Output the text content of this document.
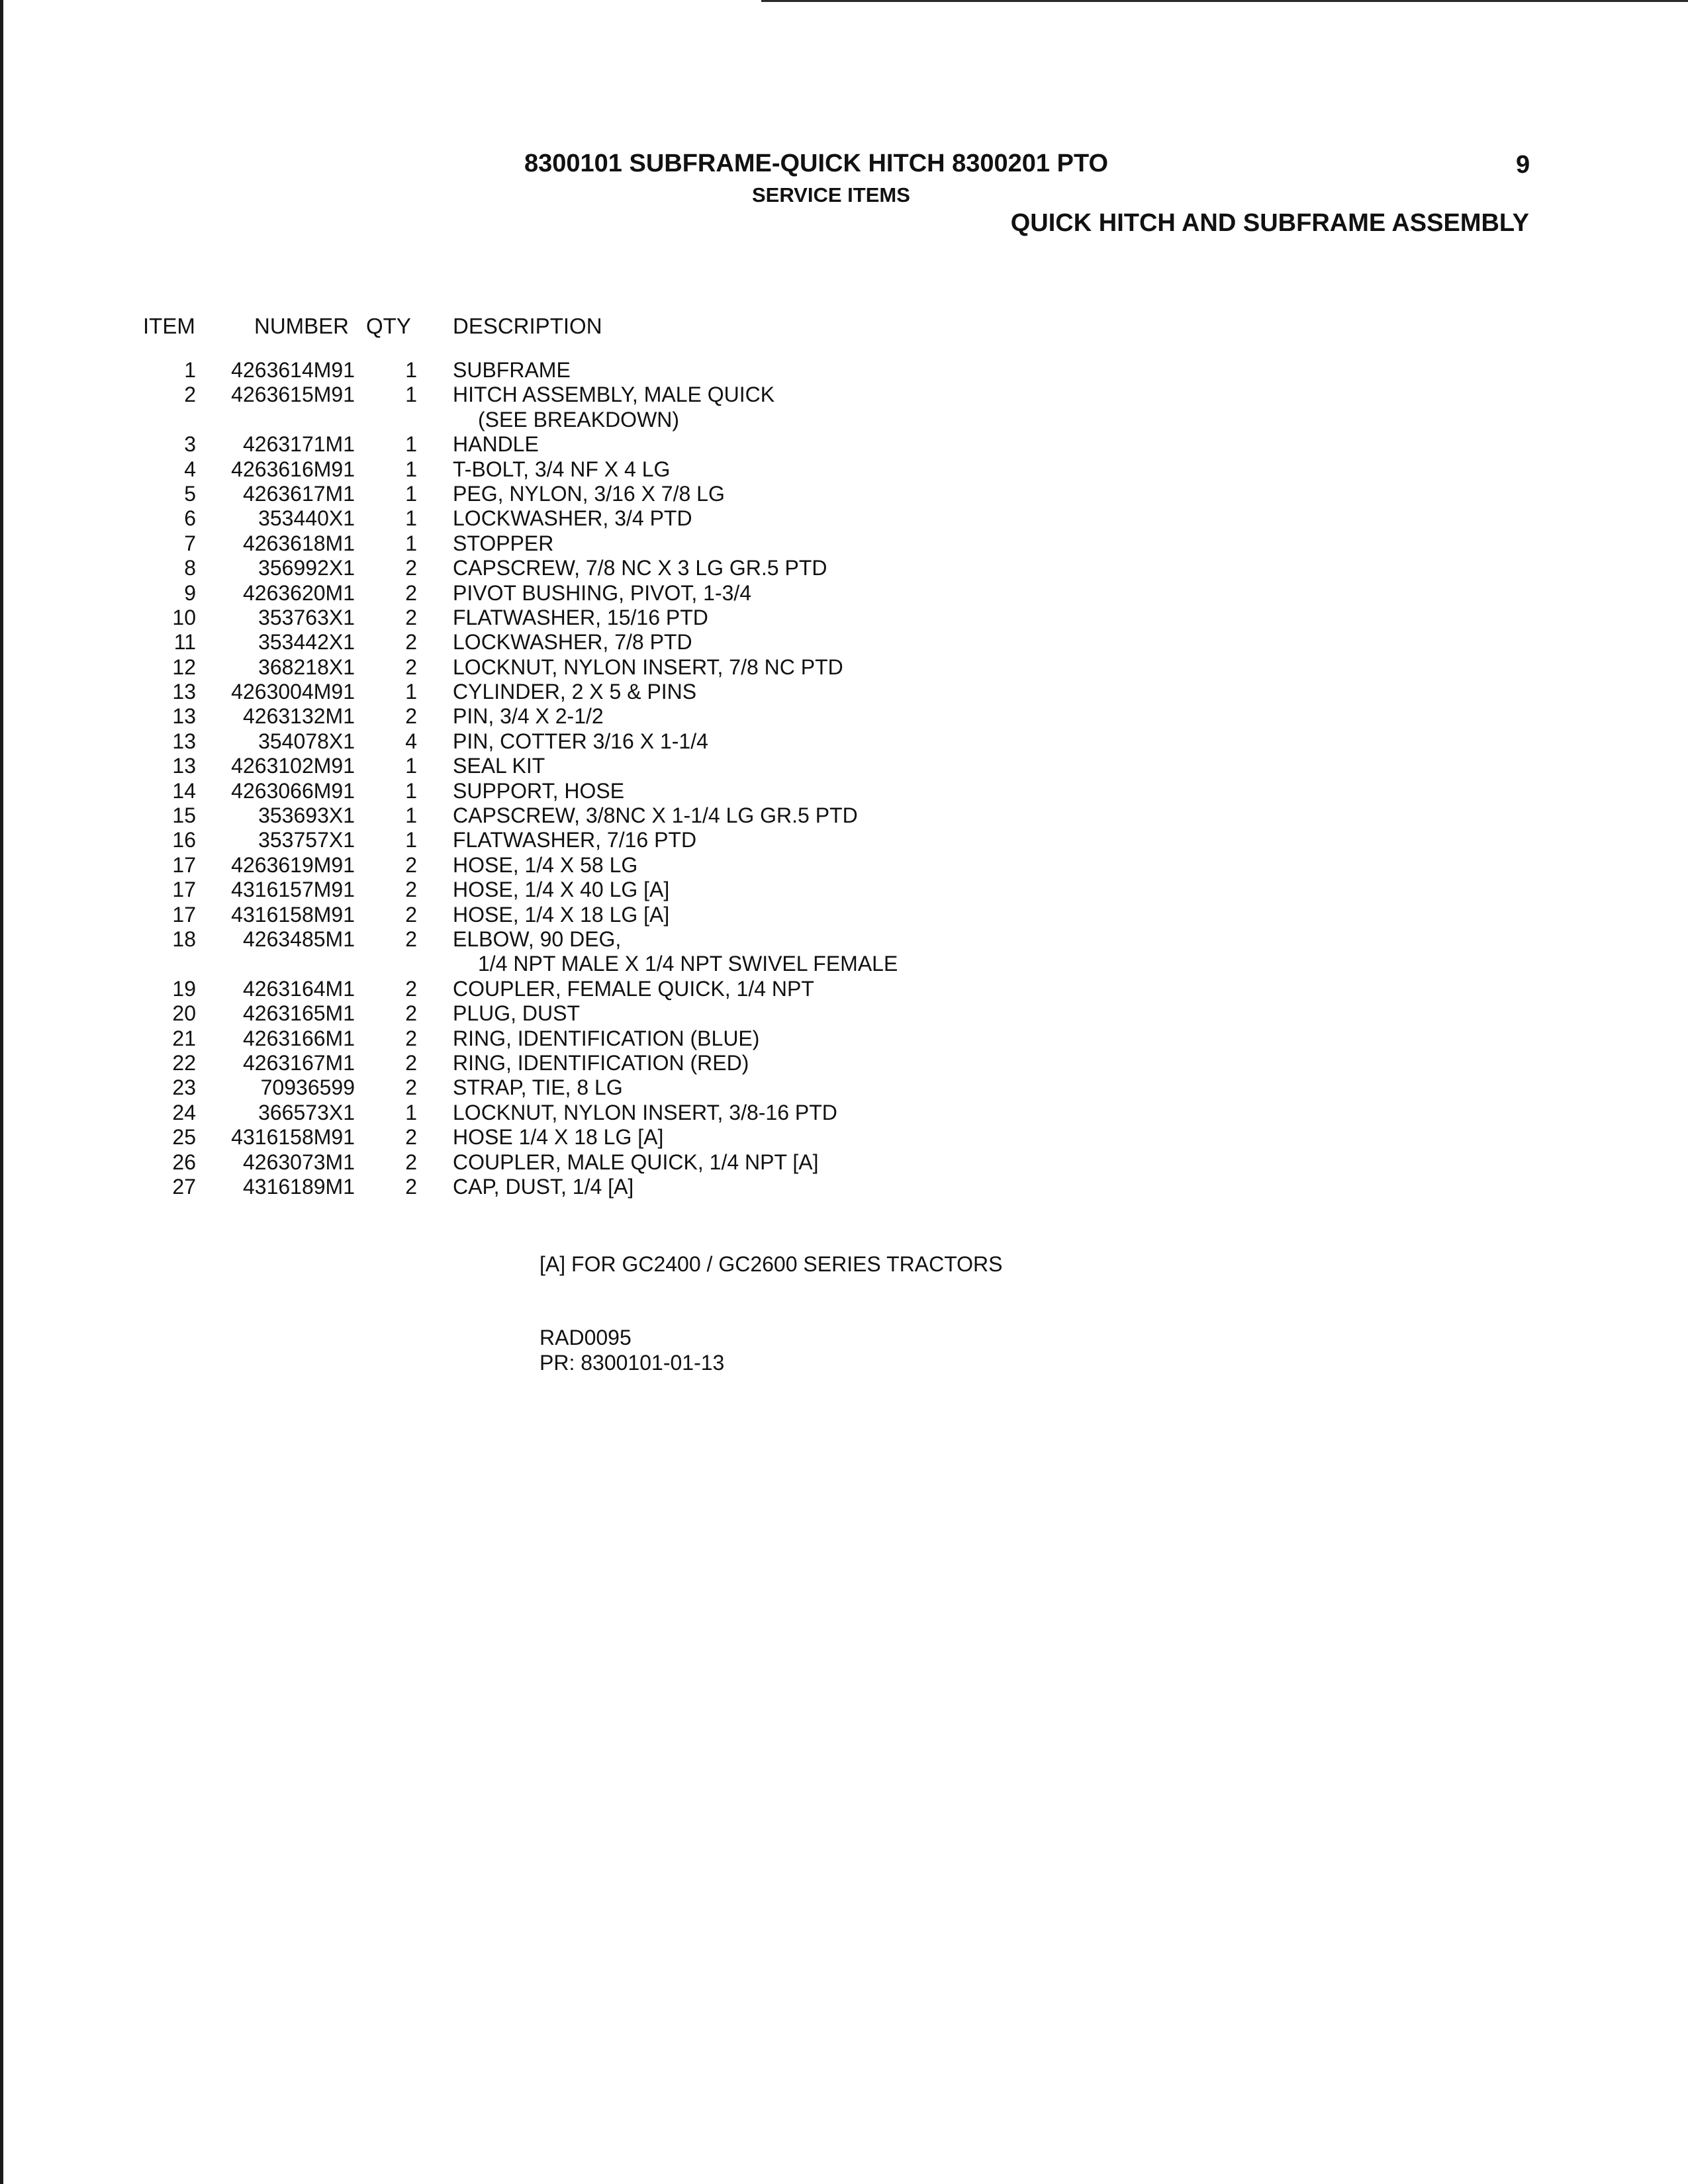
8300101 SUBFRAME-QUICK HITCH 8300201 PTO
SERVICE ITEMS
9
QUICK HITCH AND SUBFRAME ASSEMBLY
ITEM	NUMBER QTY DESCRIPTION
1	4263614M91	1 SUBFRAME
2	4263615M91	1 HITCH ASSEMBLY, MALE QUICK
(SEE BREAKDOWN)
3	4263171M1	1 HANDLE
4	4263616M91	1 T-BOLT, 3/4 NF X 4 LG
5	4263617M1	1 PEG, NYLON, 3/16 X 7/8 LG
6	353440X1	1 LOCKWASHER, 3/4 PTD
7	4263618M1	1 STOPPER
8	356992X1	2 CAPSCREW, 7/8 NC X 3 LG GR.5 PTD
9	4263620M1	2 PIVOT BUSHING, PIVOT, 1-3/4
10	353763X1	2 FLATWASHER, 15/16 PTD
11	353442X1	2 LOCKWASHER, 7/8 PTD
12	368218X1	2 LOCKNUT, NYLON INSERT, 7/8 NC PTD
13	4263004M91	1 CYLINDER, 2 X 5 & PINS
13	4263132M1	2 PIN, 3/4 X 2-1/2
13	354078X1	4 PIN, COTTER 3/16 X 1-1/4
13	4263102M91	1 SEAL KIT
14	4263066M91	1 SUPPORT, HOSE
15	353693X1	1 CAPSCREW, 3/8NC X 1-1/4 LG GR.5 PTD
16	353757X1	1 FLATWASHER, 7/16 PTD
17	4263619M91	2 HOSE, 1/4 X 58 LG
17	4316157M91	2 HOSE, 1/4 X 40 LG [A]
17	4316158M91	2 HOSE, 1/4 X 18 LG [A]
18	4263485M1	2 ELBOW, 90 DEG,
1/4 NPT MALE X 1/4 NPT SWIVEL FEMALE
19	4263164M1	2 COUPLER, FEMALE QUICK, 1/4 NPT
20	4263165M1	2 PLUG, DUST
21	4263166M1	2 RING, IDENTIFICATION (BLUE)
22	4263167M1	2 RING, IDENTIFICATION (RED)
23	70936599	2 STRAP, TIE, 8 LG
24	366573X1	1 LOCKNUT, NYLON INSERT, 3/8-16 PTD
25	4316158M91	2 HOSE 1/4 X 18 LG [A]
26	4263073M1	2 COUPLER, MALE QUICK, 1/4 NPT [A]
27	4316189M1	2 CAP, DUST, 1/4 [A]
[A] FOR GC2400 / GC2600 SERIES TRACTORS
RAD0095
PR: 8300101-01-13
